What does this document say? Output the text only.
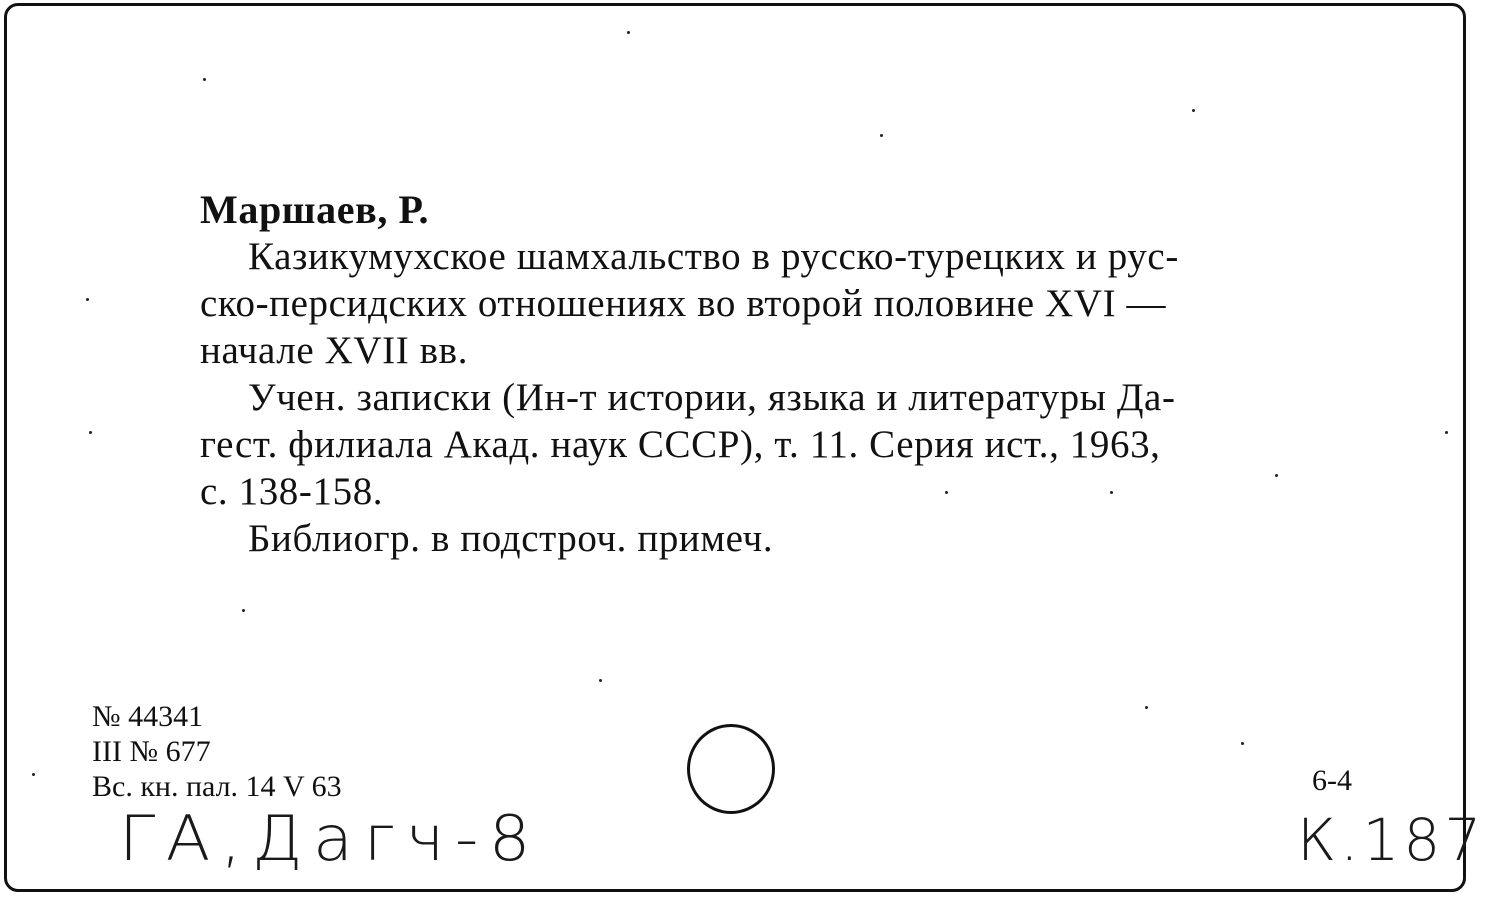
Маршаев, Р.

Казикумухское шамхальство в русско-турецких и рус-
ско-персидских отношениях во второй половине XVI —
начале XVII вв.

Учен. записки (Ин-т истории, языка и литературы Да-
гест. филиала Акад. наук СССР), т. 11. Серия ист., 1963,
с. 138-158.

Библиогр. в подстроч. примеч.

№ 44341
III № 677
Вс. кн. пал. 14 V 63
ГА,Дагч-8
6-4
К.187
